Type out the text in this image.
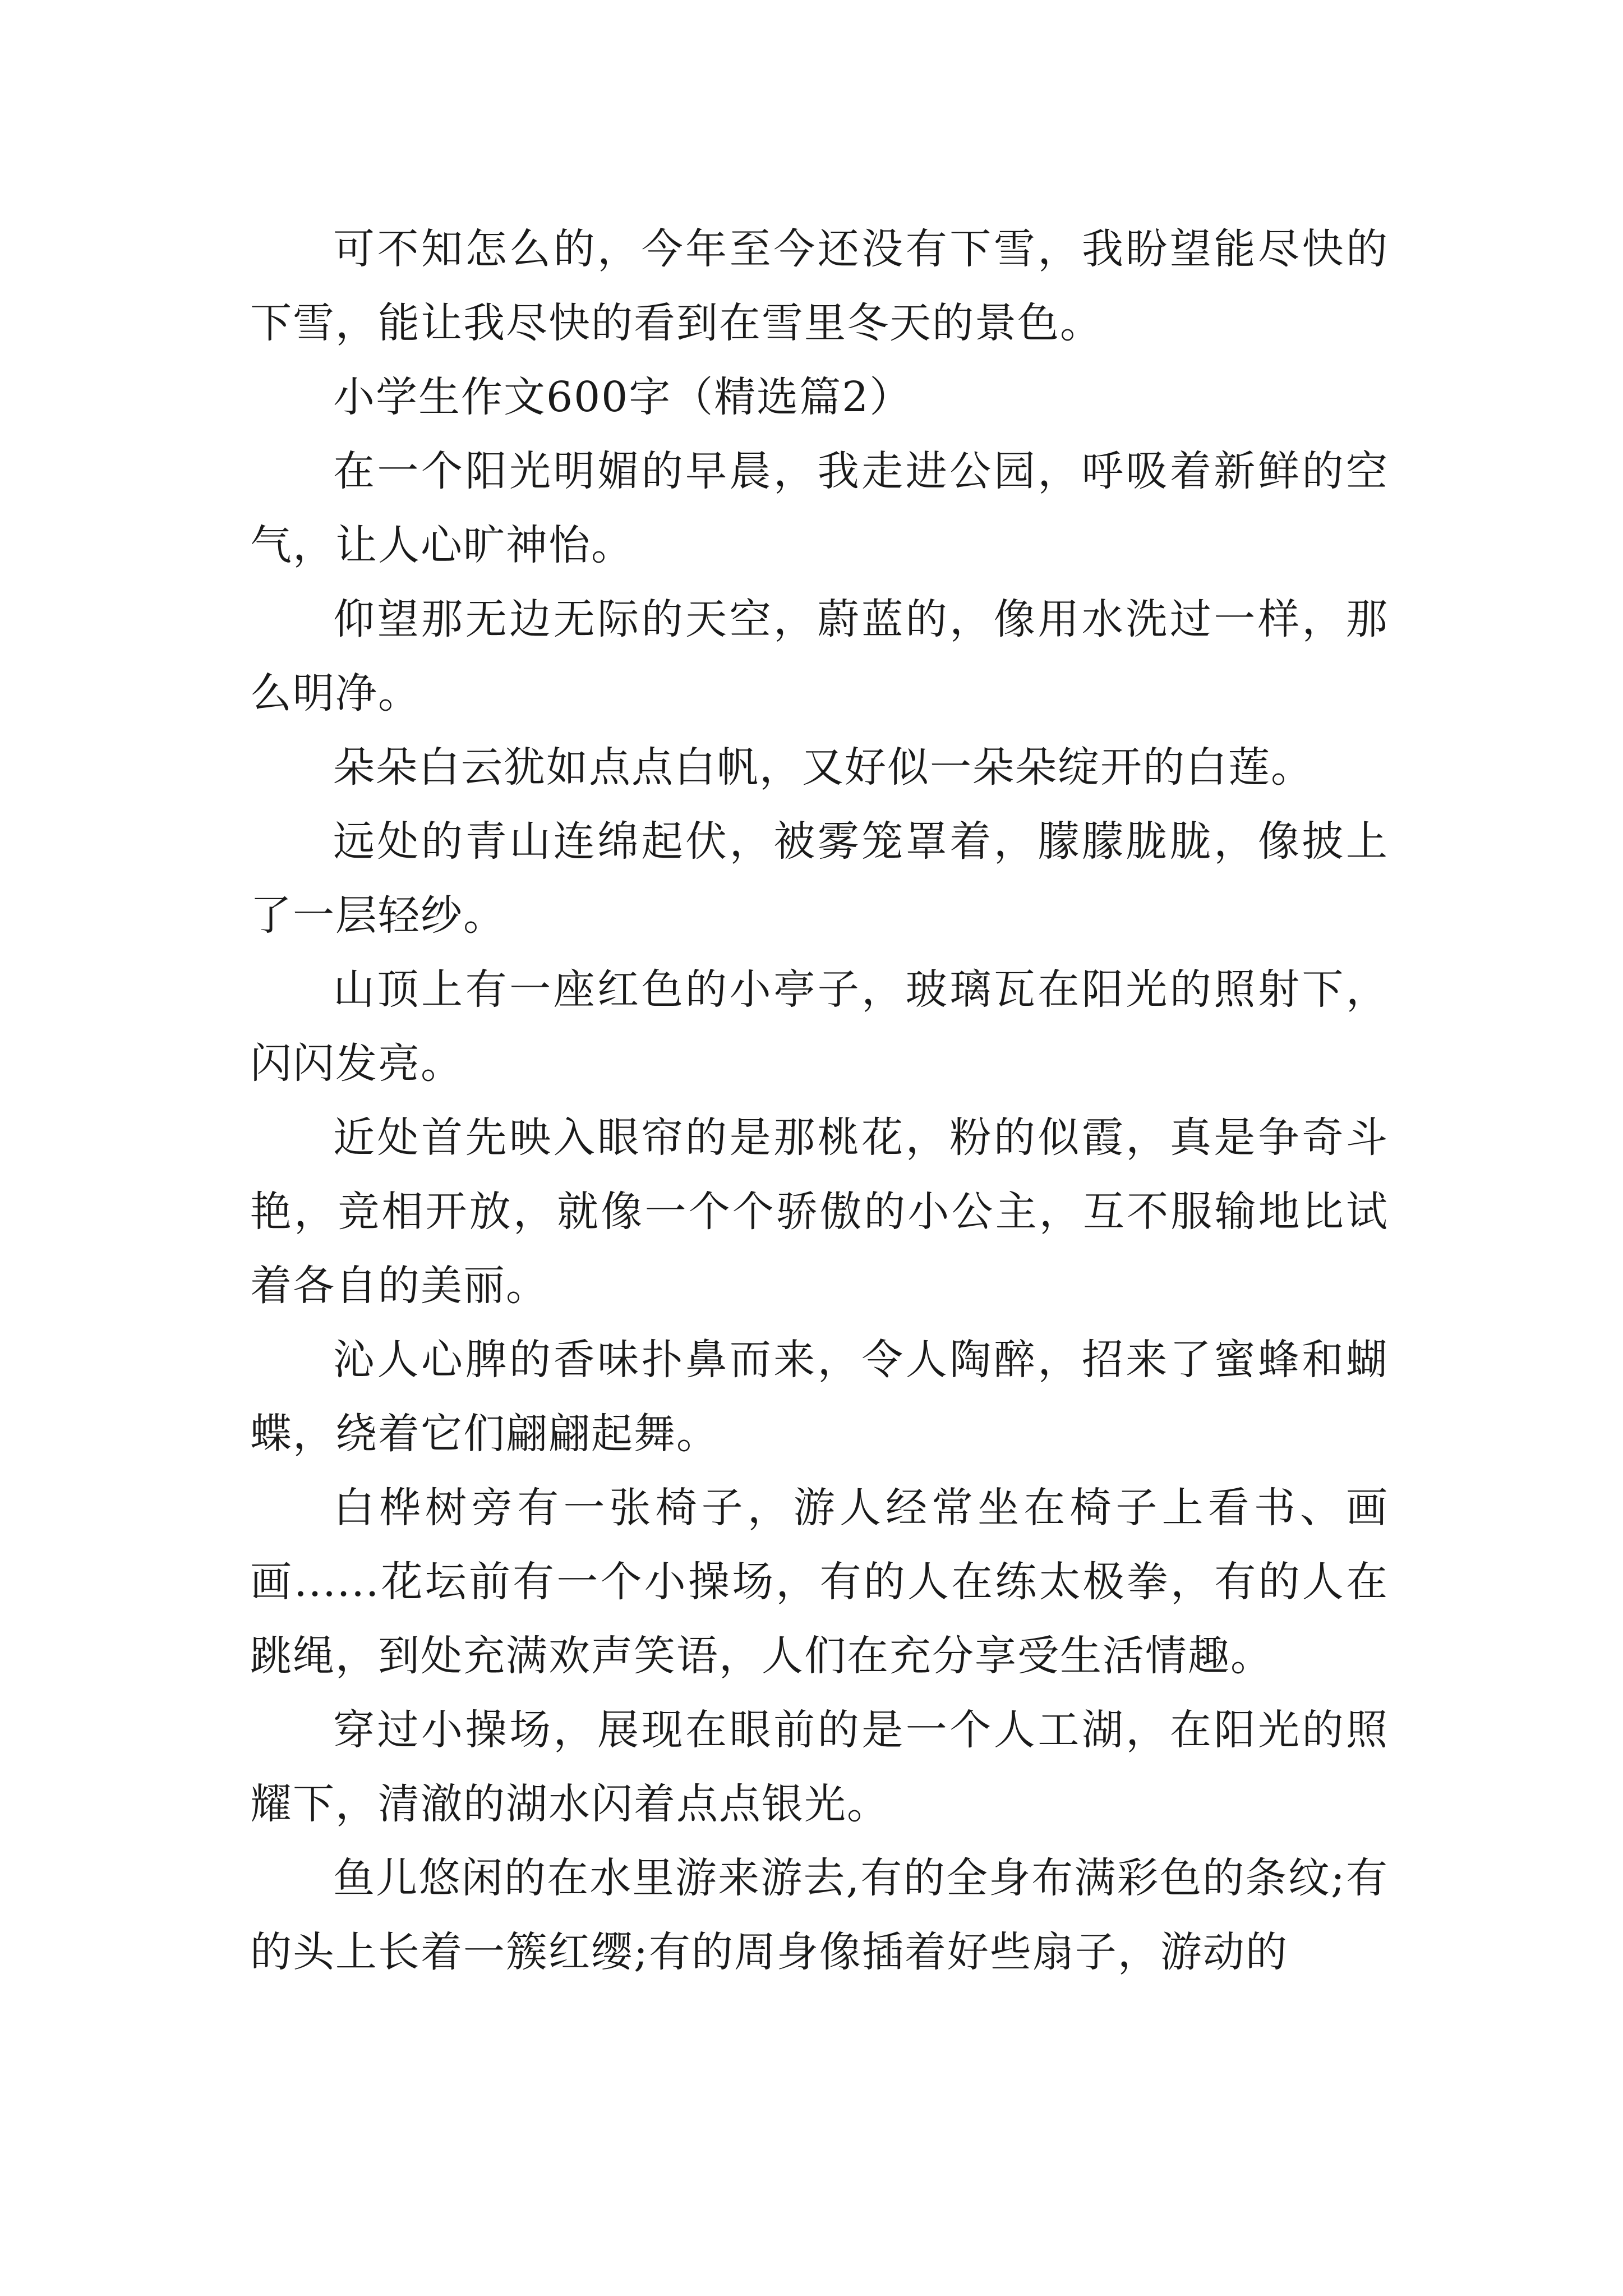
可不知怎么的，今年至今还没有下雪，我盼望能尽快的下雪，能让我尽快的看到在雪里冬天的景色。

小学生作文600字（精选篇2）

在一个阳光明媚的早晨，我走进公园，呼吸着新鲜的空气，让人心旷神怡。

仰望那无边无际的天空，蔚蓝的，像用水洗过一样，那么明净。

朵朵白云犹如点点白帆，又好似一朵朵绽开的白莲。

远处的青山连绵起伏，被雾笼罩着，朦朦胧胧，像披上了一层轻纱。

山顶上有一座红色的小亭子，玻璃瓦在阳光的照射下，闪闪发亮。

近处首先映入眼帘的是那桃花，粉的似霞，真是争奇斗艳，竞相开放，就像一个个骄傲的小公主，互不服输地比试着各自的美丽。

沁人心脾的香味扑鼻而来，令人陶醉，招来了蜜蜂和蝴蝶，绕着它们翩翩起舞。

白桦树旁有一张椅子，游人经常坐在椅子上看书、画画......花坛前有一个小操场，有的人在练太极拳，有的人在跳绳，到处充满欢声笑语，人们在充分享受生活情趣。

穿过小操场，展现在眼前的是一个人工湖，在阳光的照耀下，清澈的湖水闪着点点银光。

鱼儿悠闲的在水里游来游去,有的全身布满彩色的条纹;有的头上长着一簇红缨;有的周身像插着好些扇子，游动的
